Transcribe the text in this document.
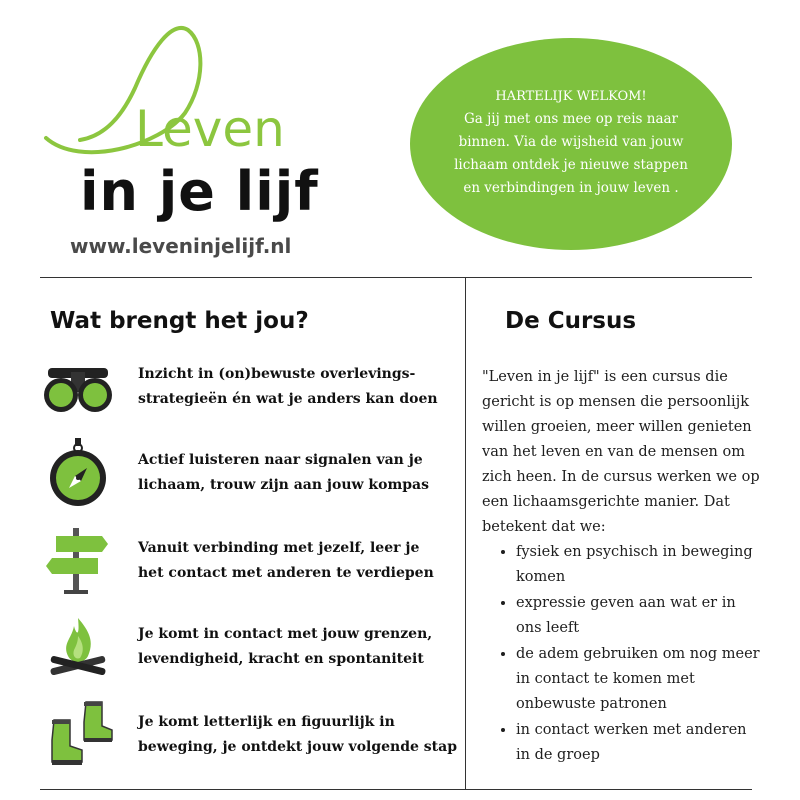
Leven
in je lijf
www.leveninjelijf.nl
HARTELIJK WELKOM!
Ga jij met ons mee op reis naar
binnen. Via de wijsheid van jouw
lichaam ontdek je nieuwe stappen
en verbindingen in jouw leven .
Wat brengt het jou?
Inzicht in (on)bewuste overlevings-
strategieën én wat je anders kan doen
Actief luisteren naar signalen van je
lichaam, trouw zijn aan jouw kompas
Vanuit verbinding met jezelf, leer je
het contact met anderen te verdiepen
Je komt in contact met jouw grenzen,
levendigheid, kracht en spontaniteit
Je komt letterlijk en figuurlijk in
beweging, je ontdekt jouw volgende stap
De Cursus
"Leven in je lijf" is een cursus die
gericht is op mensen die persoonlijk
willen groeien, meer willen genieten
van het leven en van de mensen om
zich heen. In de cursus werken we op
een lichaamsgerichte manier. Dat
betekent dat we:
• fysiek en psychisch in beweging
komen
• expressie geven aan wat er in
ons leeft
• de adem gebruiken om nog meer
in contact te komen met
onbewuste patronen
• in contact werken met anderen
in de groep
